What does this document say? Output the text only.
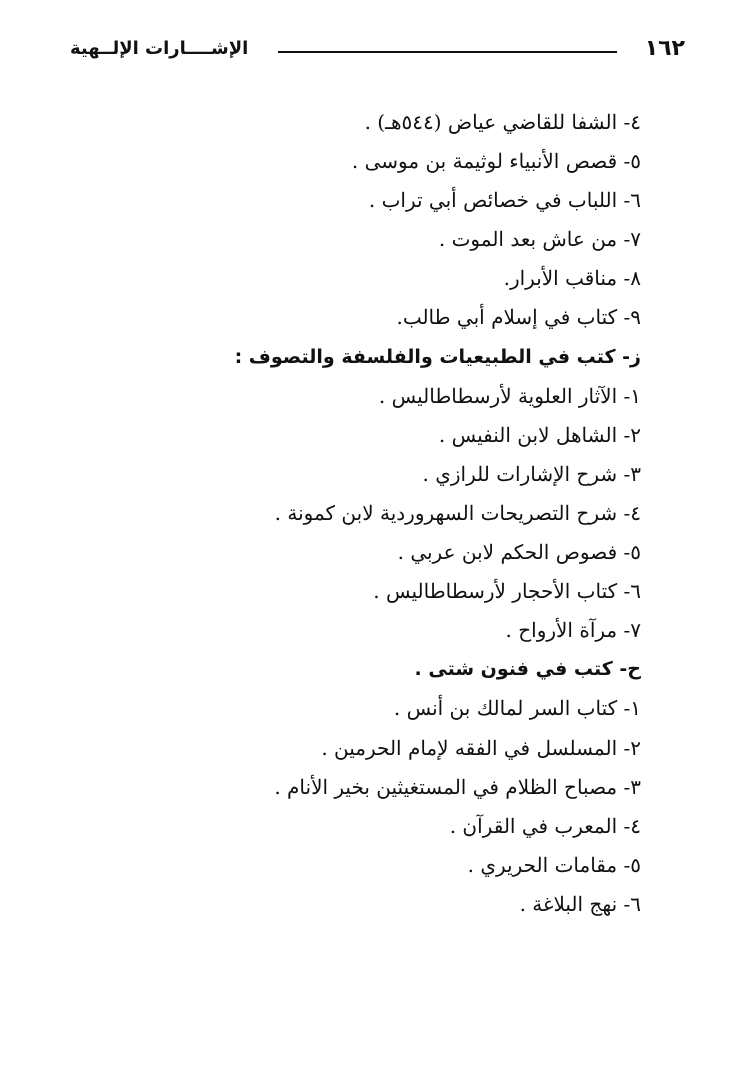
١٦٢
الإشــــارات الإلــهية
٤- الشفا للقاضي عياض (٥٤٤هـ) .
٥- قصص الأنبياء لوثيمة بن موسى .
٦- اللباب في خصائص أبي تراب .
٧- من عاش بعد الموت .
٨- مناقب الأبرار.
٩- كتاب في إسلام أبي طالب.
ز- كتب في الطبيعيات والفلسفة والتصوف :
١- الآثار العلوية لأرسطاطاليس .
٢- الشاهل لابن النفيس .
٣- شرح الإشارات للرازي .
٤- شرح التصريحات السهروردية لابن كمونة .
٥- فصوص الحكم لابن عربي .
٦- كتاب الأحجار لأرسطاطاليس .
٧- مرآة الأرواح .
ح- كتب في فنون شتى .
١- كتاب السر لمالك بن أنس .
٢- المسلسل في الفقه لإمام الحرمين .
٣- مصباح الظلام في المستغيثين بخير الأنام .
٤- المعرب في القرآن .
٥- مقامات الحريري .
٦- نهج البلاغة .
